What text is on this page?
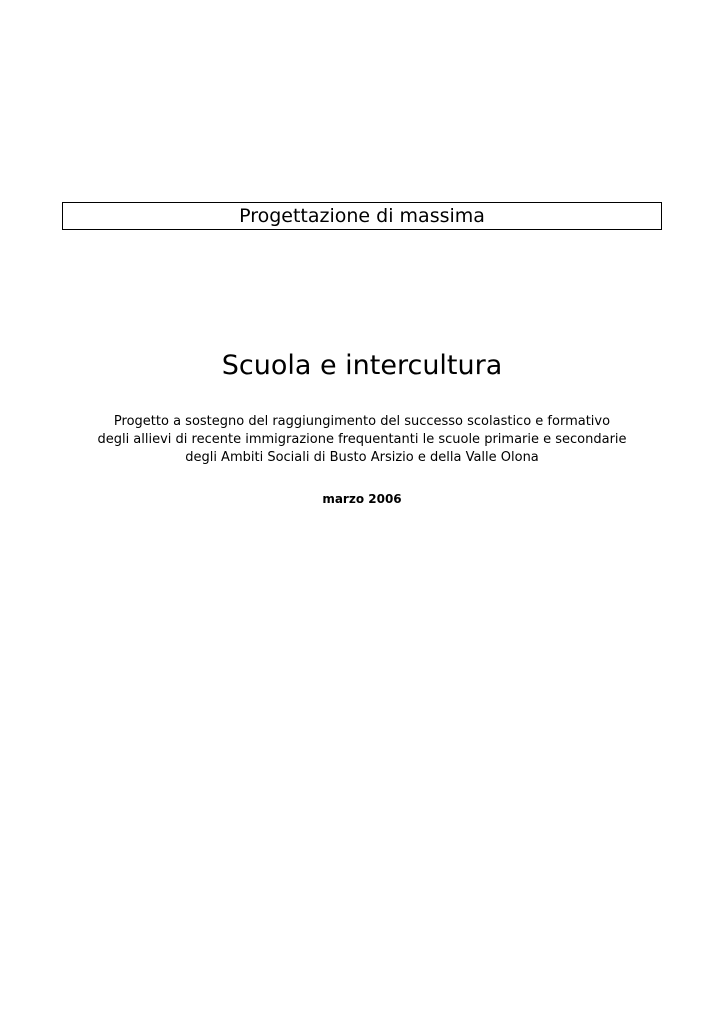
Progettazione di massima
Scuola e intercultura
Progetto a sostegno del raggiungimento del successo scolastico e formativo
degli allievi di recente immigrazione frequentanti le scuole primarie e secondarie
degli Ambiti Sociali di Busto Arsizio e della Valle Olona
marzo 2006
